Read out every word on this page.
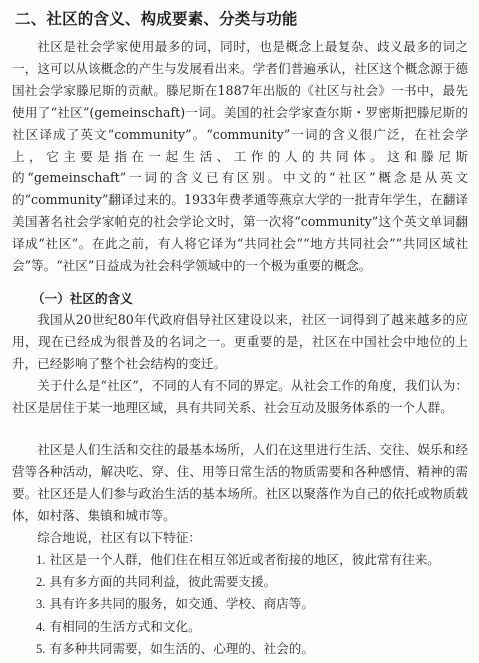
二、社区的含义、构成要素、分类与功能

社区是社会学家使用最多的词，同时，也是概念上最复杂、歧义最多的词之一，这可以从该概念的产生与发展看出来。学者们普遍承认，社区这个概念源于德国社会学家滕尼斯的贡献。滕尼斯在1887年出版的《社区与社会》一书中，最先使用了“社区”(gemeinschaft)一词。美国的社会学家查尔斯・罗密斯把滕尼斯的社区译成了英文“community”。“community”一词的含义很广泛，在社会学上，它主要是指在一起生活、工作的人的共同体。这和滕尼斯的“gemeinschaft”一词的含义已有区别。中文的“社区”概念是从英文的“community”翻译过来的。1933年费孝通等燕京大学的一批青年学生，在翻译美国著名社会学家帕克的社会学论文时，第一次将“community”这个英文单词翻译成“社区”。在此之前，有人将它译为“共同社会”“地方共同社会”“共同区域社会”等。“社区”日益成为社会科学领域中的一个极为重要的概念。

（一）社区的含义

我国从20世纪80年代政府倡导社区建设以来，社区一词得到了越来越多的应用，现在已经成为很普及的名词之一。更重要的是，社区在中国社会中地位的上升，已经影响了整个社会结构的变迁。

关于什么是“社区”，不同的人有不同的界定。从社会工作的角度，我们认为：社区是居住于某一地理区域，具有共同关系、社会互动及服务体系的一个人群。

社区是人们生活和交往的最基本场所，人们在这里进行生活、交往、娱乐和经营等各种活动，解决吃、穿、住、用等日常生活的物质需要和各种感情、精神的需要。社区还是人们参与政治生活的基本场所。社区以聚落作为自己的依托或物质载体，如村落、集镇和城市等。

综合地说，社区有以下特征：

1. 社区是一个人群，他们住在相互邻近或者衔接的地区，彼此常有往来。
2. 具有多方面的共同利益，彼此需要支援。
3. 具有许多共同的服务，如交通、学校、商店等。
4. 有相同的生活方式和文化。
5. 有多种共同需要，如生活的、心理的、社会的。
